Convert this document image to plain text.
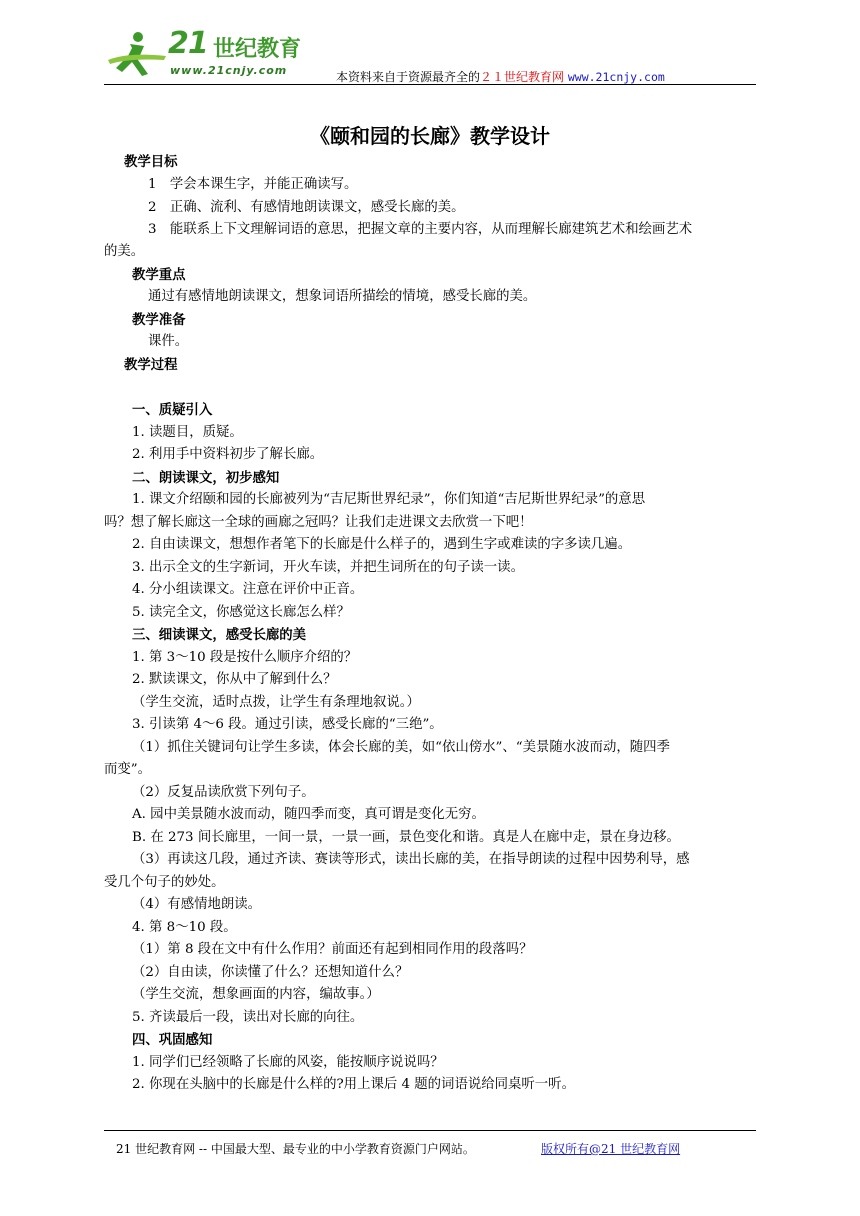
21 世纪教育
www.21cnjy.com	本资料来自于资源最齐全的２１世纪教育网 www.21cnjy.com
《颐和园的长廊》教学设计
教学目标
1　学会本课生字，并能正确读写。
2　正确、流利、有感情地朗读课文，感受长廊的美。
3　能联系上下文理解词语的意思，把握文章的主要内容，从而理解长廊建筑艺术和绘画艺术
的美。
教学重点
通过有感情地朗读课文，想象词语所描绘的情境，感受长廊的美。
教学准备
课件。
教学过程
一、质疑引入
1. 读题目，质疑。
2. 利用手中资料初步了解长廊。
二、朗读课文，初步感知
1. 课文介绍颐和园的长廊被列为“吉尼斯世界纪录”，你们知道“吉尼斯世界纪录”的意思
吗？想了解长廊这一全球的画廊之冠吗？让我们走进课文去欣赏一下吧！
2. 自由读课文，想想作者笔下的长廊是什么样子的，遇到生字或难读的字多读几遍。
3. 出示全文的生字新词，开火车读，并把生词所在的句子读一读。
4. 分小组读课文。注意在评价中正音。
5. 读完全文，你感觉这长廊怎么样？
三、细读课文，感受长廊的美
1. 第 3～10 段是按什么顺序介绍的？
2. 默读课文，你从中了解到什么？
（学生交流，适时点拨，让学生有条理地叙说。）
3. 引读第 4～6 段。通过引读，感受长廊的“三绝”。
（1）抓住关键词句让学生多读，体会长廊的美，如“依山傍水”、“美景随水波而动，随四季
而变”。
（2）反复品读欣赏下列句子。
A. 园中美景随水波而动，随四季而变，真可谓是变化无穷。
B. 在 273 间长廊里，一间一景，一景一画，景色变化和谐。真是人在廊中走，景在身边移。
（3）再读这几段，通过齐读、赛读等形式，读出长廊的美，在指导朗读的过程中因势利导，感
受几个句子的妙处。
（4）有感情地朗读。
4. 第 8～10 段。
（1）第 8 段在文中有什么作用？前面还有起到相同作用的段落吗？
（2）自由读，你读懂了什么？还想知道什么？
（学生交流，想象画面的内容，编故事。）
5. 齐读最后一段，读出对长廊的向往。
四、巩固感知
1. 同学们已经领略了长廊的风姿，能按顺序说说吗？
2. 你现在头脑中的长廊是什么样的?用上课后 4 题的词语说给同桌听一听。
21 世纪教育网 -- 中国最大型、最专业的中小学教育资源门户网站。	版权所有@21 世纪教育网
